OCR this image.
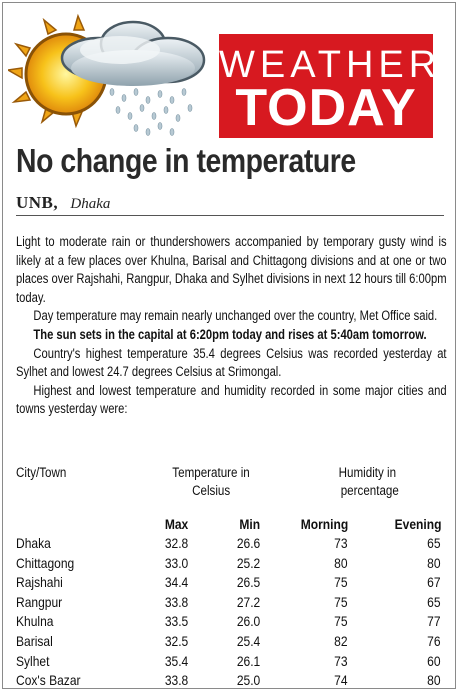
WEATHER
TODAY
No change in temperature
UNB, Dhaka

Light to moderate rain or thundershowers accompanied by temporary gusty wind is likely at a few places over Khulna, Barisal and Chittagong divisions and at one or two places over Rajshahi, Rangpur, Dhaka and Sylhet divisions in next 12 hours till 6:00pm today.

Day temperature may remain nearly unchanged over the country, Met Office said.

The sun sets in the capital at 6:20pm today and rises at 5:40am tomorrow.

Country's highest temperature 35.4 degrees Celsius was recorded yesterday at Sylhet and lowest 24.7 degrees Celsius at Srimongal.

Highest and lowest temperature and humidity recorded in some major cities and towns yesterday were:

City/Town	Temperature in
Celsius
Humidity in
percentage
Max	Min	Morning	Evening
Dhaka	32.8	26.6	73	65
Chittagong	33.0	25.2	80	80
Rajshahi	34.4	26.5	75	67
Rangpur	33.8	27.2	75	65
Khulna	33.5	26.0	75	77
Barisal	32.5	25.4	82	76
Sylhet	35.4	26.1	73	60
Cox's Bazar	33.8	25.0	74	80
